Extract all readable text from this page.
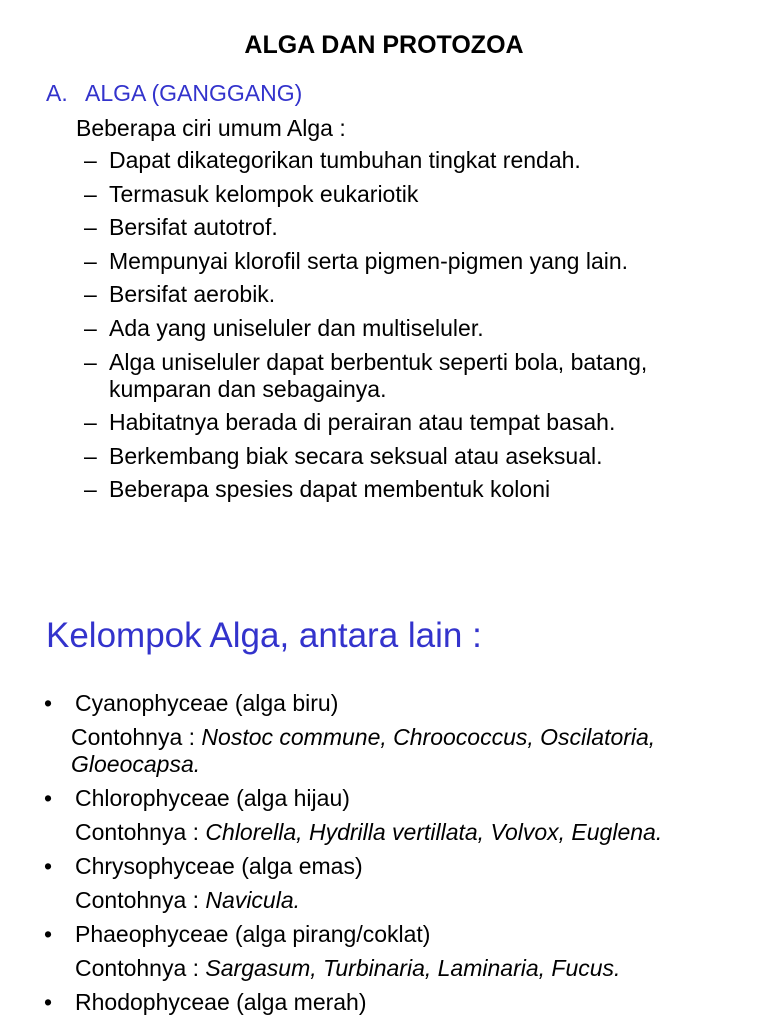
ALGA DAN PROTOZOA
A. ALGA (GANGGANG)
Beberapa ciri umum Alga :
– Dapat dikategorikan tumbuhan tingkat rendah.
– Termasuk kelompok eukariotik
– Bersifat autotrof.
– Mempunyai klorofil serta pigmen-pigmen yang lain.
– Bersifat aerobik.
– Ada yang uniseluler dan multiseluler.
– Alga uniseluler dapat berbentuk seperti bola, batang, kumparan dan sebagainya.
– Habitatnya berada di perairan atau tempat basah.
– Berkembang biak secara seksual atau aseksual.
– Beberapa spesies dapat membentuk koloni
Kelompok Alga, antara lain :
• Cyanophyceae (alga biru)
Contohnya : Nostoc commune, Chroococcus, Oscilatoria, Gloeocapsa.
• Chlorophyceae (alga hijau)
Contohnya : Chlorella, Hydrilla vertillata, Volvox, Euglena.
• Chrysophyceae (alga emas)
Contohnya : Navicula.
• Phaeophyceae (alga pirang/coklat)
Contohnya : Sargasum, Turbinaria, Laminaria, Fucus.
• Rhodophyceae (alga merah)
